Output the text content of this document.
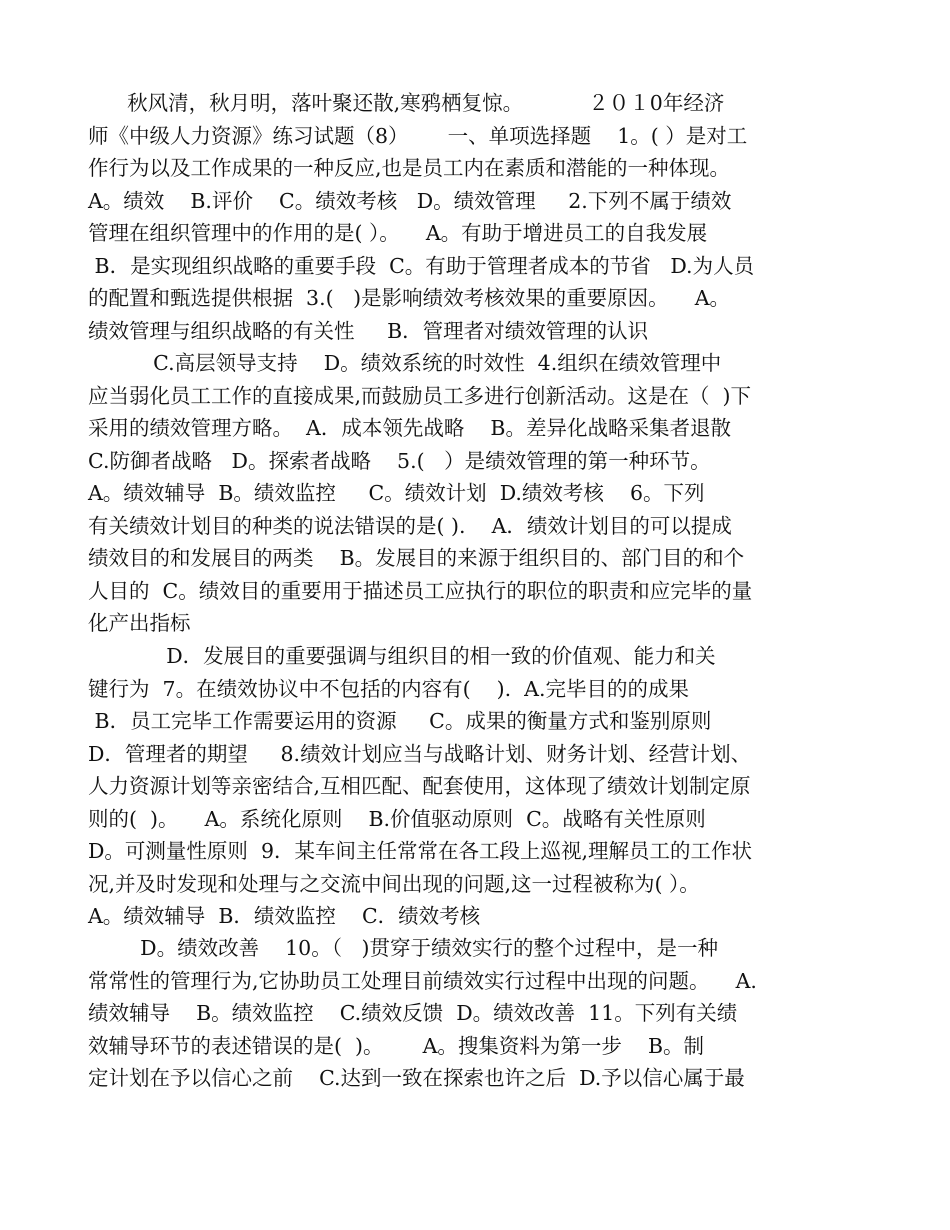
秋风清，秋月明，落叶聚还散,寒鸦栖复惊。          ２０１0年经济
师《中级人力资源》练习试题（8）      一、单项选择题    1。( ）是对工
作行为以及工作成果的一种反应,也是员工内在素质和潜能的一种体现。
A。绩效    B.评价    C。绩效考核   D。绩效管理     2.下列不属于绩效
管理在组织管理中的作用的是( ）。    A。有助于增进员工的自我发展
B．是实现组织战略的重要手段  C。有助于管理者成本的节省   D.为人员
的配置和甄选提供根据  3.(   )是影响绩效考核效果的重要原因。    A。
绩效管理与组织战略的有关性     B．管理者对绩效管理的认识
C.高层领导支持    D。绩效系统的时效性  4.组织在绩效管理中
应当弱化员工工作的直接成果,而鼓励员工多进行创新活动。这是在（  )下
采用的绩效管理方略。  A．成本领先战略    B。差异化战略采集者退散
C.防御者战略   D。探索者战略    5.(   ）是绩效管理的第一种环节。
A。绩效辅导  B。绩效监控     C。绩效计划  D.绩效考核    6。下列
有关绩效计划目的种类的说法错误的是( ).    A．绩效计划目的可以提成
绩效目的和发展目的两类    B。发展目的来源于组织目的、部门目的和个
人目的  C。绩效目的重要用于描述员工应执行的职位的职责和应完毕的量
化产出指标
D．发展目的重要强调与组织目的相一致的价值观、能力和关
键行为  7。在绩效协议中不包括的内容有(    ).  A.完毕目的的成果
B．员工完毕工作需要运用的资源     C。成果的衡量方式和鉴别原则
D．管理者的期望     8.绩效计划应当与战略计划、财务计划、经营计划、
人力资源计划等亲密结合,互相匹配、配套使用，这体现了绩效计划制定原
则的(  )。    A。系统化原则    B.价值驱动原则  C。战略有关性原则
D。可测量性原则  9．某车间主任常常在各工段上巡视,理解员工的工作状
况,并及时发现和处理与之交流中间出现的问题,这一过程被称为( ）。
A。绩效辅导  B．绩效监控    C．绩效考核
D。绩效改善    10。（   )贯穿于绩效实行的整个过程中，是一种
常常性的管理行为,它协助员工处理目前绩效实行过程中出现的问题。    A.
绩效辅导    B。绩效监控    C.绩效反馈  D。绩效改善  11。下列有关绩
效辅导环节的表述错误的是(  )。      A。搜集资料为第一步    B。制
定计划在予以信心之前    C.达到一致在探索也许之后  D.予以信心属于最
